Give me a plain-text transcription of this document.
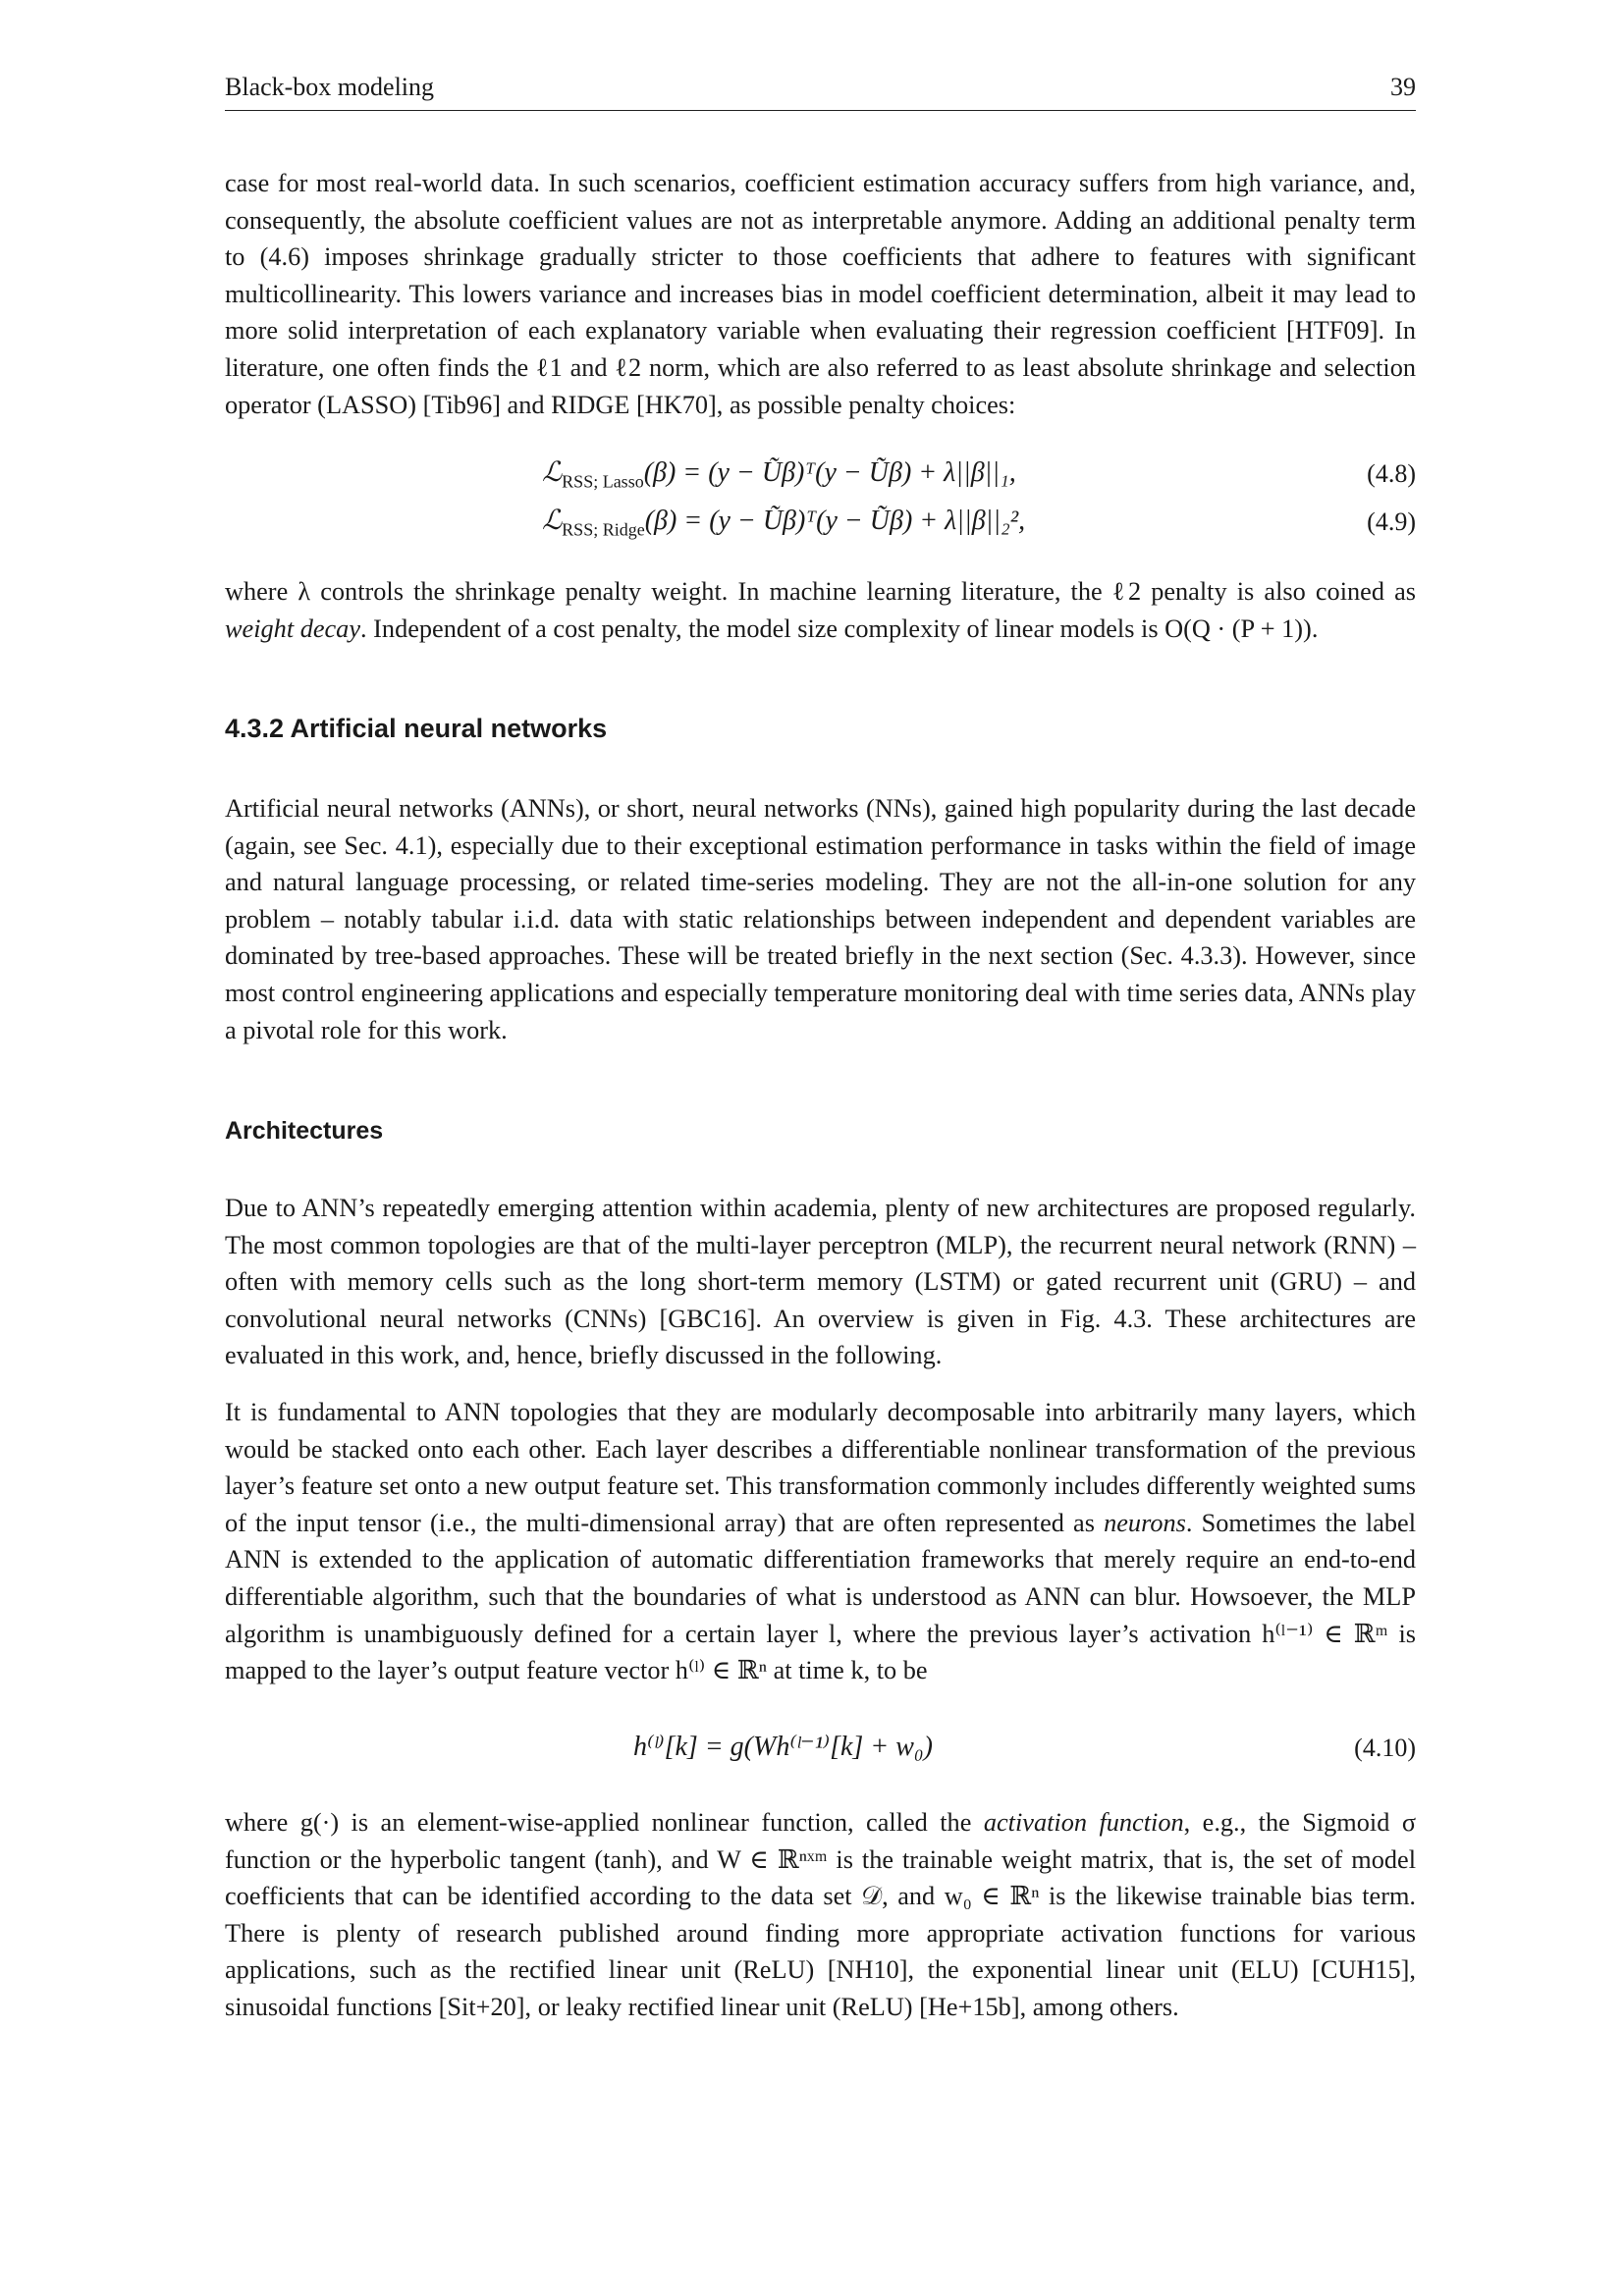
Black-box modeling	39
case for most real-world data. In such scenarios, coefficient estimation accuracy suffers from high variance, and, consequently, the absolute coefficient values are not as interpretable anymore. Adding an additional penalty term to (4.6) imposes shrinkage gradually stricter to those coefficients that adhere to features with significant multicollinearity. This lowers variance and increases bias in model coefficient determination, albeit it may lead to more solid interpretation of each explanatory variable when evaluating their regression coefficient [HTF09]. In literature, one often finds the ℓ1 and ℓ2 norm, which are also referred to as least absolute shrinkage and selection operator (LASSO) [Tib96] and RIDGE [HK70], as possible penalty choices:
ℒ$_{RSS; Lasso}$(β) = (y − Ũβ)ᵀ(y − Ũβ) + λ||β||₁,	(4.8)
ℒ$_{RSS; Ridge}$(β) = (y − Ũβ)ᵀ(y − Ũβ) + λ||β||₂²,	(4.9)
where λ controls the shrinkage penalty weight. In machine learning literature, the ℓ2 penalty is also coined as weight decay. Independent of a cost penalty, the model size complexity of linear models is O(Q · (P + 1)).
4.3.2 Artificial neural networks
Artificial neural networks (ANNs), or short, neural networks (NNs), gained high popularity during the last decade (again, see Sec. 4.1), especially due to their exceptional estimation performance in tasks within the field of image and natural language processing, or related time-series modeling. They are not the all-in-one solution for any problem – notably tabular i.i.d. data with static relationships between independent and dependent variables are dominated by tree-based approaches. These will be treated briefly in the next section (Sec. 4.3.3). However, since most control engineering applications and especially temperature monitoring deal with time series data, ANNs play a pivotal role for this work.
Architectures
Due to ANN’s repeatedly emerging attention within academia, plenty of new architectures are proposed regularly. The most common topologies are that of the multi-layer perceptron (MLP), the recurrent neural network (RNN) – often with memory cells such as the long short-term memory (LSTM) or gated recurrent unit (GRU) – and convolutional neural networks (CNNs) [GBC16]. An overview is given in Fig. 4.3. These architectures are evaluated in this work, and, hence, briefly discussed in the following.
It is fundamental to ANN topologies that they are modularly decomposable into arbitrarily many layers, which would be stacked onto each other. Each layer describes a differentiable nonlinear transformation of the previous layer’s feature set onto a new output feature set. This transformation commonly includes differently weighted sums of the input tensor (i.e., the multi-dimensional array) that are often represented as neurons. Sometimes the label ANN is extended to the application of automatic differentiation frameworks that merely require an end-to-end differentiable algorithm, such that the boundaries of what is understood as ANN can blur. Howsoever, the MLP algorithm is unambiguously defined for a certain layer l, where the previous layer’s activation h⁽ˡ⁻¹⁾ ∈ ℝᵐ is mapped to the layer’s output feature vector h⁽ˡ⁾ ∈ ℝⁿ at time k, to be
h⁽ˡ⁾[k] = g(Wh⁽ˡ⁻¹⁾[k] + w₀)	(4.10)
where g(·) is an element-wise-applied nonlinear function, called the activation function, e.g., the Sigmoid σ function or the hyperbolic tangent (tanh), and W ∈ ℝⁿˣᵐ is the trainable weight matrix, that is, the set of model coefficients that can be identified according to the data set 𝒟, and w₀ ∈ ℝⁿ is the likewise trainable bias term. There is plenty of research published around finding more appropriate activation functions for various applications, such as the rectified linear unit (ReLU) [NH10], the exponential linear unit (ELU) [CUH15], sinusoidal functions [Sit+20], or leaky rectified linear unit (ReLU) [He+15b], among others.
